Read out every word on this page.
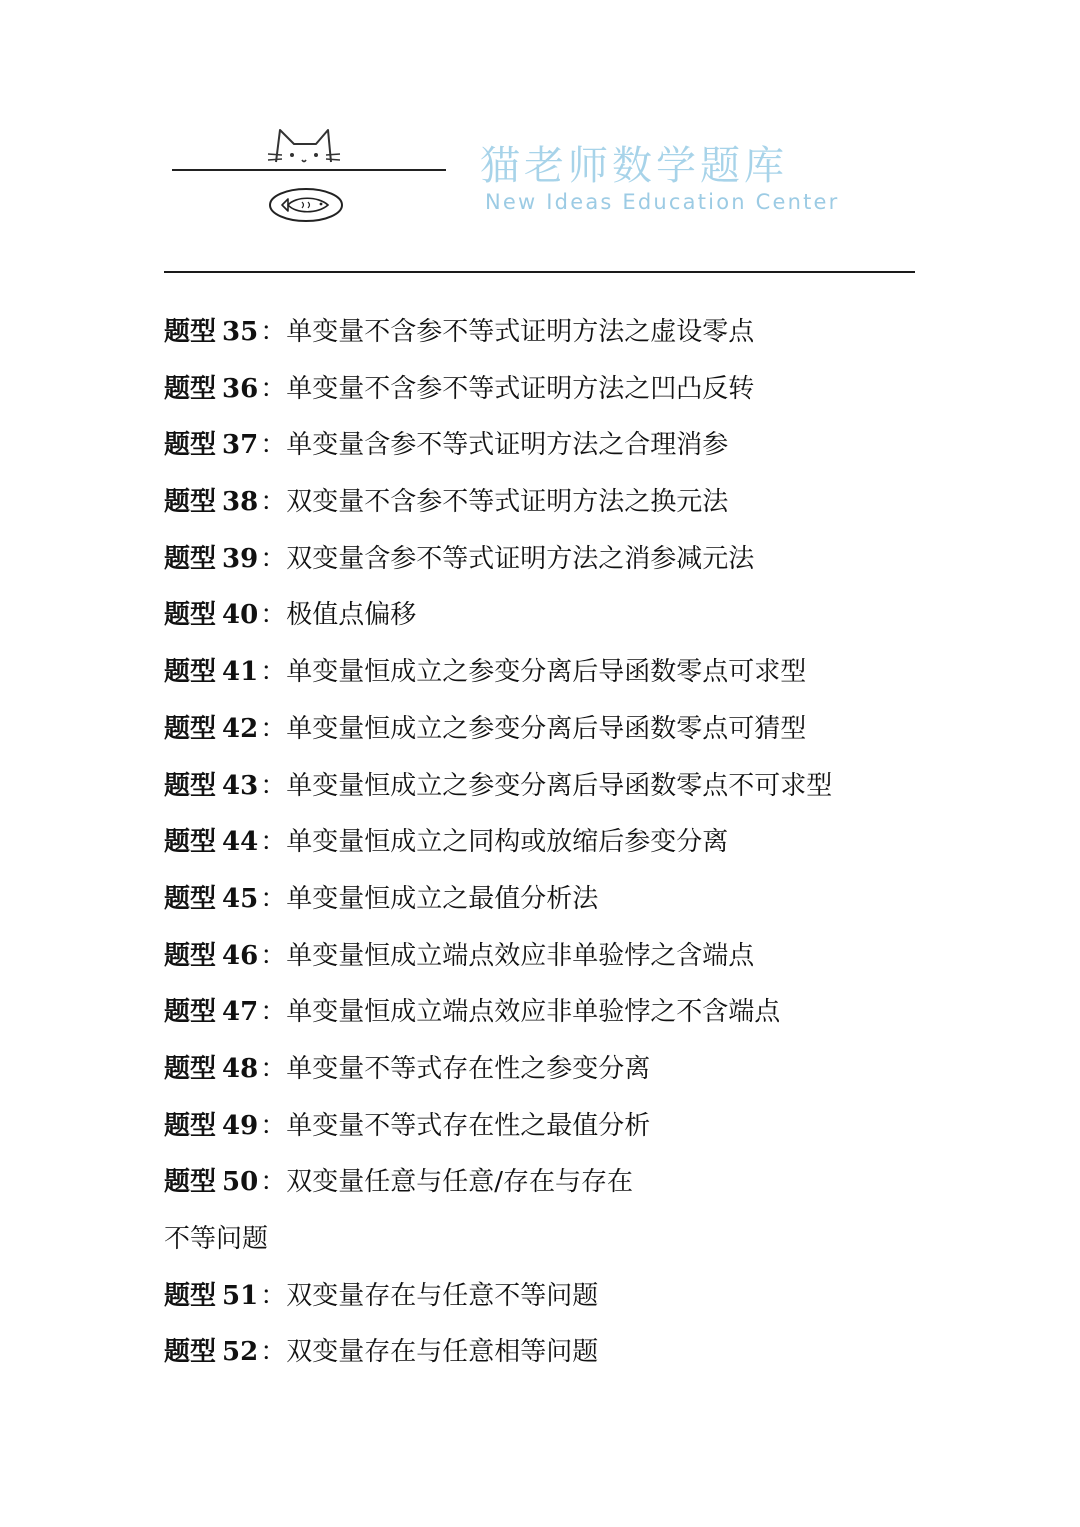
猫老师数学题库
New Ideas Education Center
题型 35：单变量不含参不等式证明方法之虚设零点
题型 36：单变量不含参不等式证明方法之凹凸反转
题型 37：单变量含参不等式证明方法之合理消参
题型 38：双变量不含参不等式证明方法之换元法
题型 39：双变量含参不等式证明方法之消参减元法
题型 40：极值点偏移
题型 41：单变量恒成立之参变分离后导函数零点可求型
题型 42：单变量恒成立之参变分离后导函数零点可猜型
题型 43：单变量恒成立之参变分离后导函数零点不可求型
题型 44：单变量恒成立之同构或放缩后参变分离
题型 45：单变量恒成立之最值分析法
题型 46：单变量恒成立端点效应非单验悖之含端点
题型 47：单变量恒成立端点效应非单验悖之不含端点
题型 48：单变量不等式存在性之参变分离
题型 49：单变量不等式存在性之最值分析
题型 50：双变量任意与任意/存在与存在
不等问题
题型 51：双变量存在与任意不等问题
题型 52：双变量存在与任意相等问题
